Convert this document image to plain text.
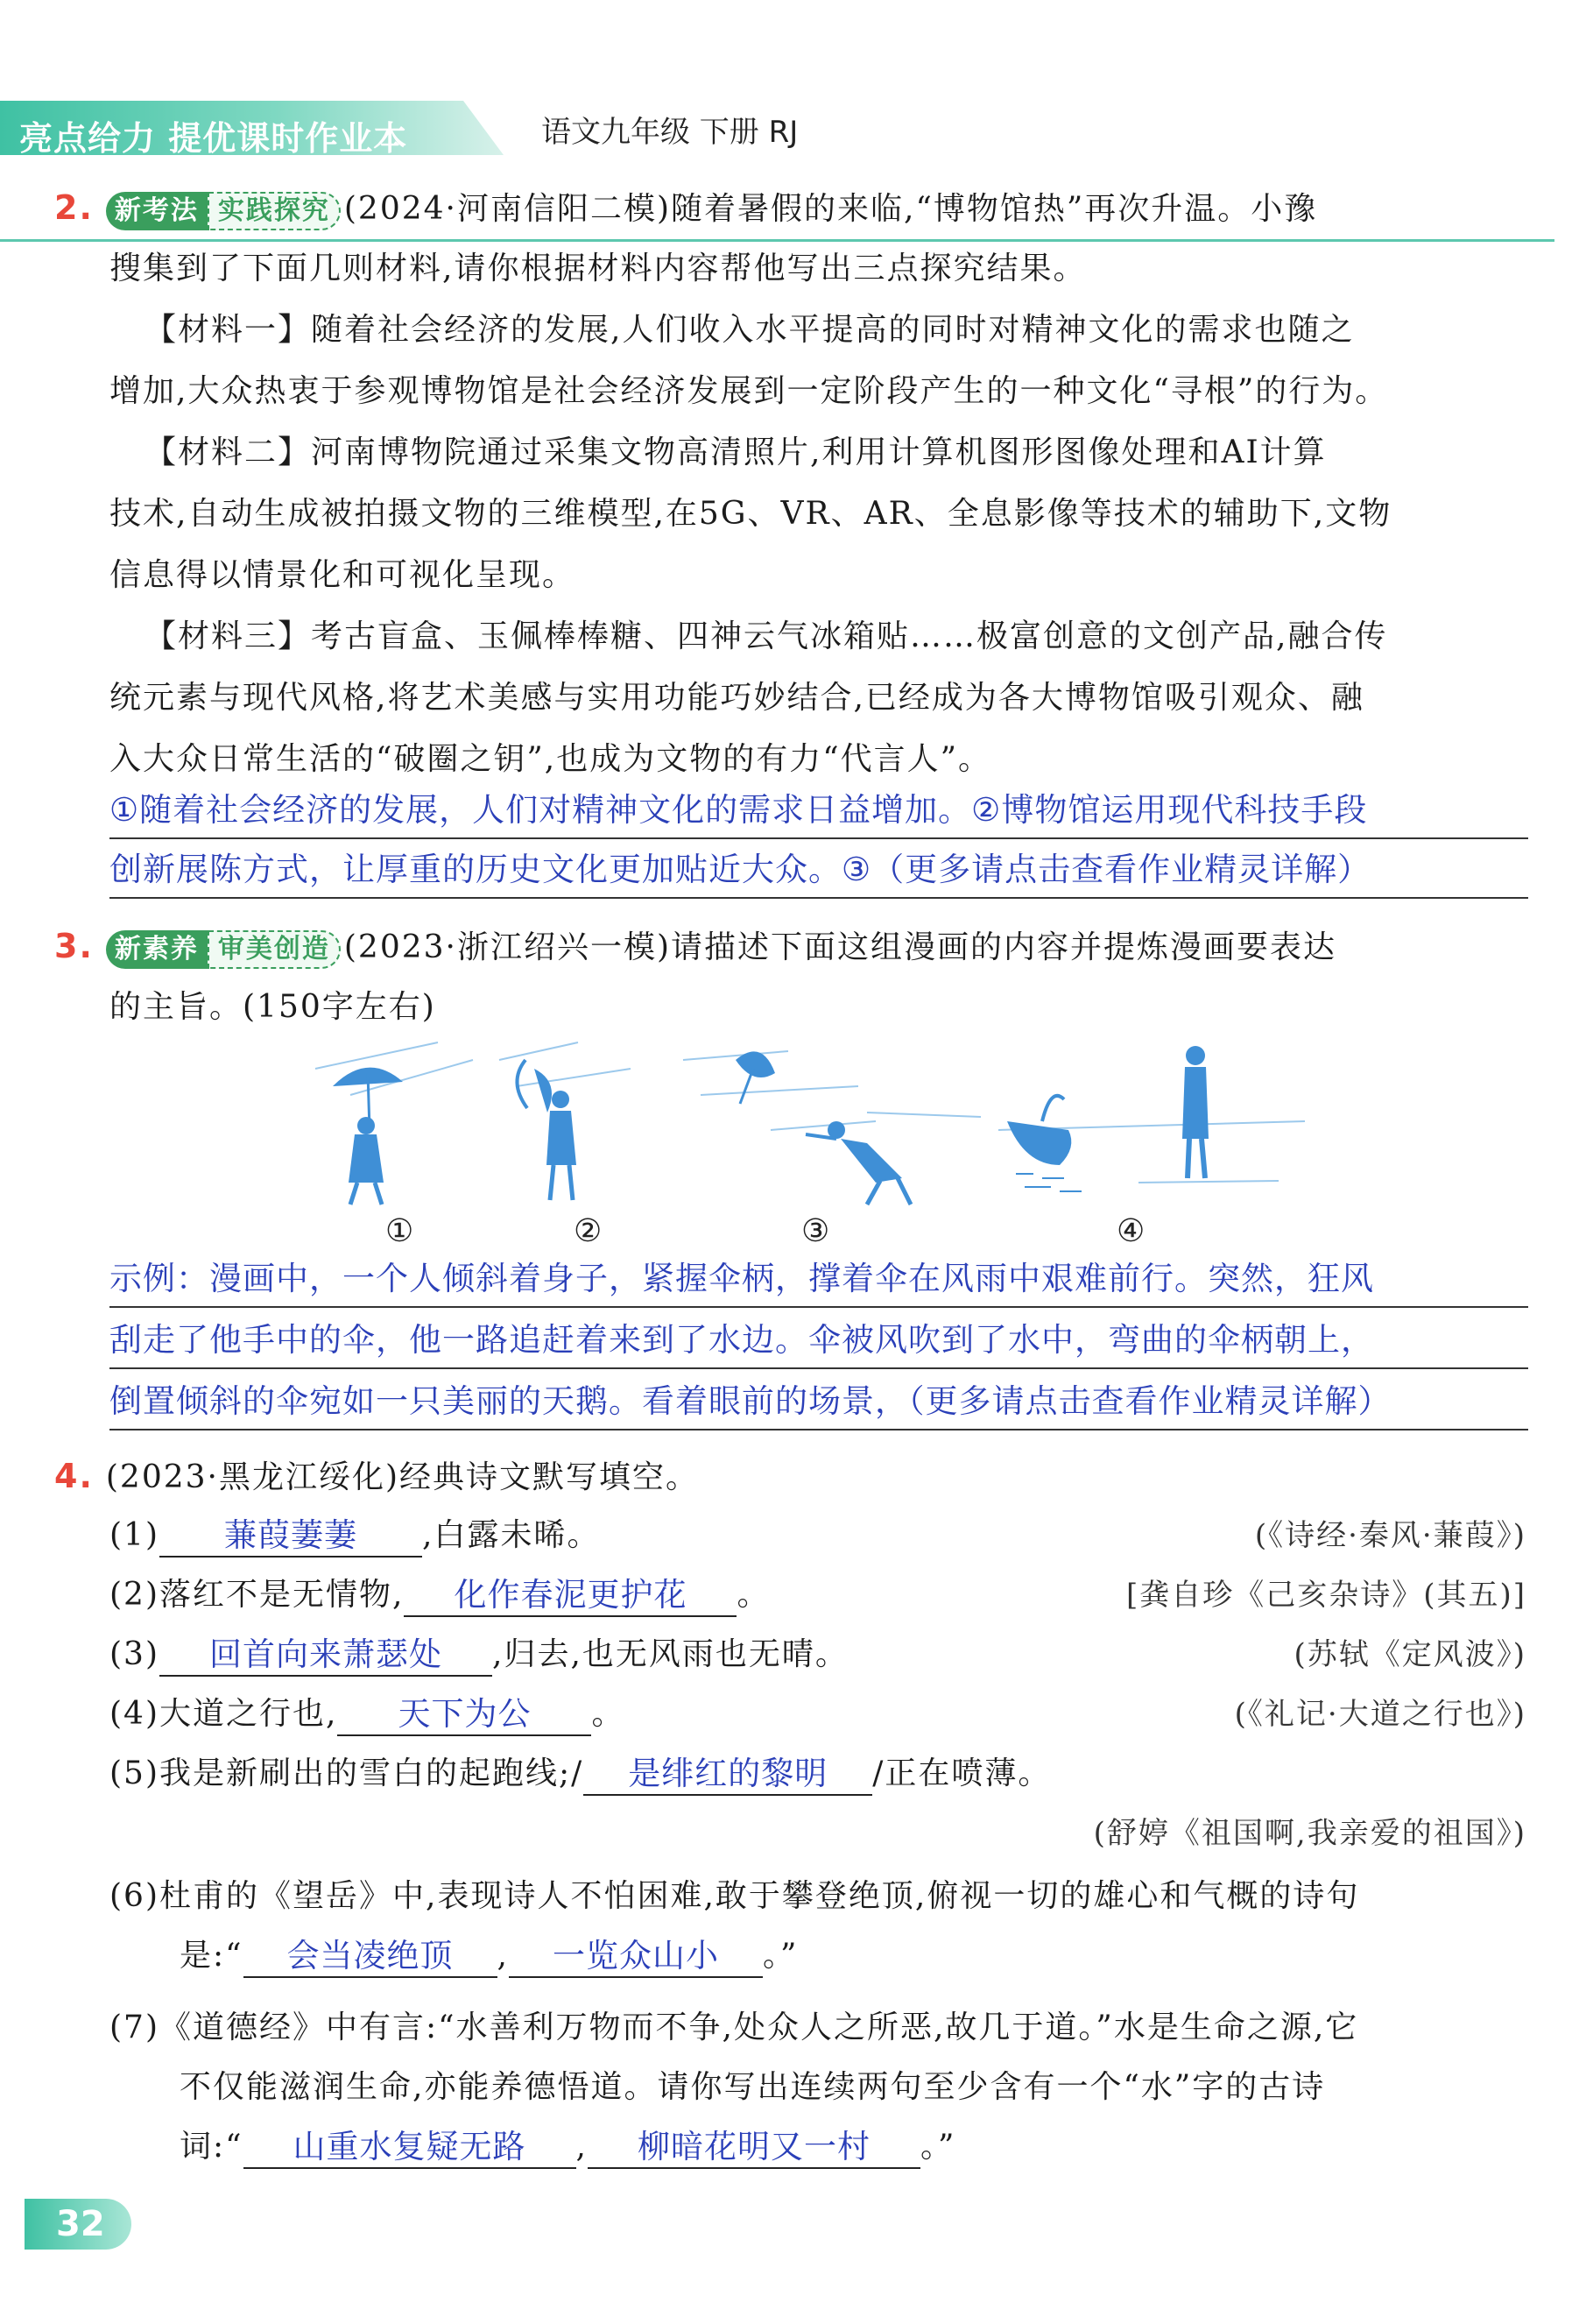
亮点给力 提优课时作业本	语文九年级 下册 RJ
2. 新考法 实践探究 (2024·河南信阳二模)随着暑假的来临,“博物馆热”再次升温。小豫
搜集到了下面几则材料,请你根据材料内容帮他写出三点探究结果。
【材料一】随着社会经济的发展,人们收入水平提高的同时对精神文化的需求也随之
增加,大众热衷于参观博物馆是社会经济发展到一定阶段产生的一种文化“寻根”的行为。
【材料二】河南博物院通过采集文物高清照片,利用计算机图形图像处理和AI计算
技术,自动生成被拍摄文物的三维模型,在5G、VR、AR、全息影像等技术的辅助下,文物
信息得以情景化和可视化呈现。
【材料三】考古盲盒、玉佩棒棒糖、四神云气冰箱贴……极富创意的文创产品,融合传
统元素与现代风格,将艺术美感与实用功能巧妙结合,已经成为各大博物馆吸引观众、融
入大众日常生活的“破圈之钥”,也成为文物的有力“代言人”。
①随着社会经济的发展，人们对精神文化的需求日益增加。②博物馆运用现代科技手段
创新展陈方式，让厚重的历史文化更加贴近大众。③（更多请点击查看作业精灵详解）
3. 新素养 审美创造 (2023·浙江绍兴一模)请描述下面这组漫画的内容并提炼漫画要表达
的主旨。(150字左右)
①	②	③	④
示例：漫画中，一个人倾斜着身子，紧握伞柄，撑着伞在风雨中艰难前行。突然，狂风
刮走了他手中的伞，他一路追赶着来到了水边。伞被风吹到了水中，弯曲的伞柄朝上，
倒置倾斜的伞宛如一只美丽的天鹅。看着眼前的场景，（更多请点击查看作业精灵详解）
4. (2023·黑龙江绥化)经典诗文默写填空。
(1) 蒹葭萋萋 ,白露未晞。	(《诗经·秦风·蒹葭》)
(2)落红不是无情物, 化作春泥更护花 。	[龚自珍《己亥杂诗》(其五)]
(3) 回首向来萧瑟处 ,归去,也无风雨也无晴。	(苏轼《定风波》)
(4)大道之行也, 天下为公 。	(《礼记·大道之行也》)
(5)我是新刷出的雪白的起跑线;/ 是绯红的黎明 /正在喷薄。
(舒婷《祖国啊,我亲爱的祖国》)
(6)杜甫的《望岳》中,表现诗人不怕困难,敢于攀登绝顶,俯视一切的雄心和气概的诗句
是:“ 会当凌绝顶 , 一览众山小 。”
(7)《道德经》中有言:“水善利万物而不争,处众人之所恶,故几于道。”水是生命之源,它
不仅能滋润生命,亦能养德悟道。请你写出连续两句至少含有一个“水”字的古诗
词:“ 山重水复疑无路 , 柳暗花明又一村 。”
32
